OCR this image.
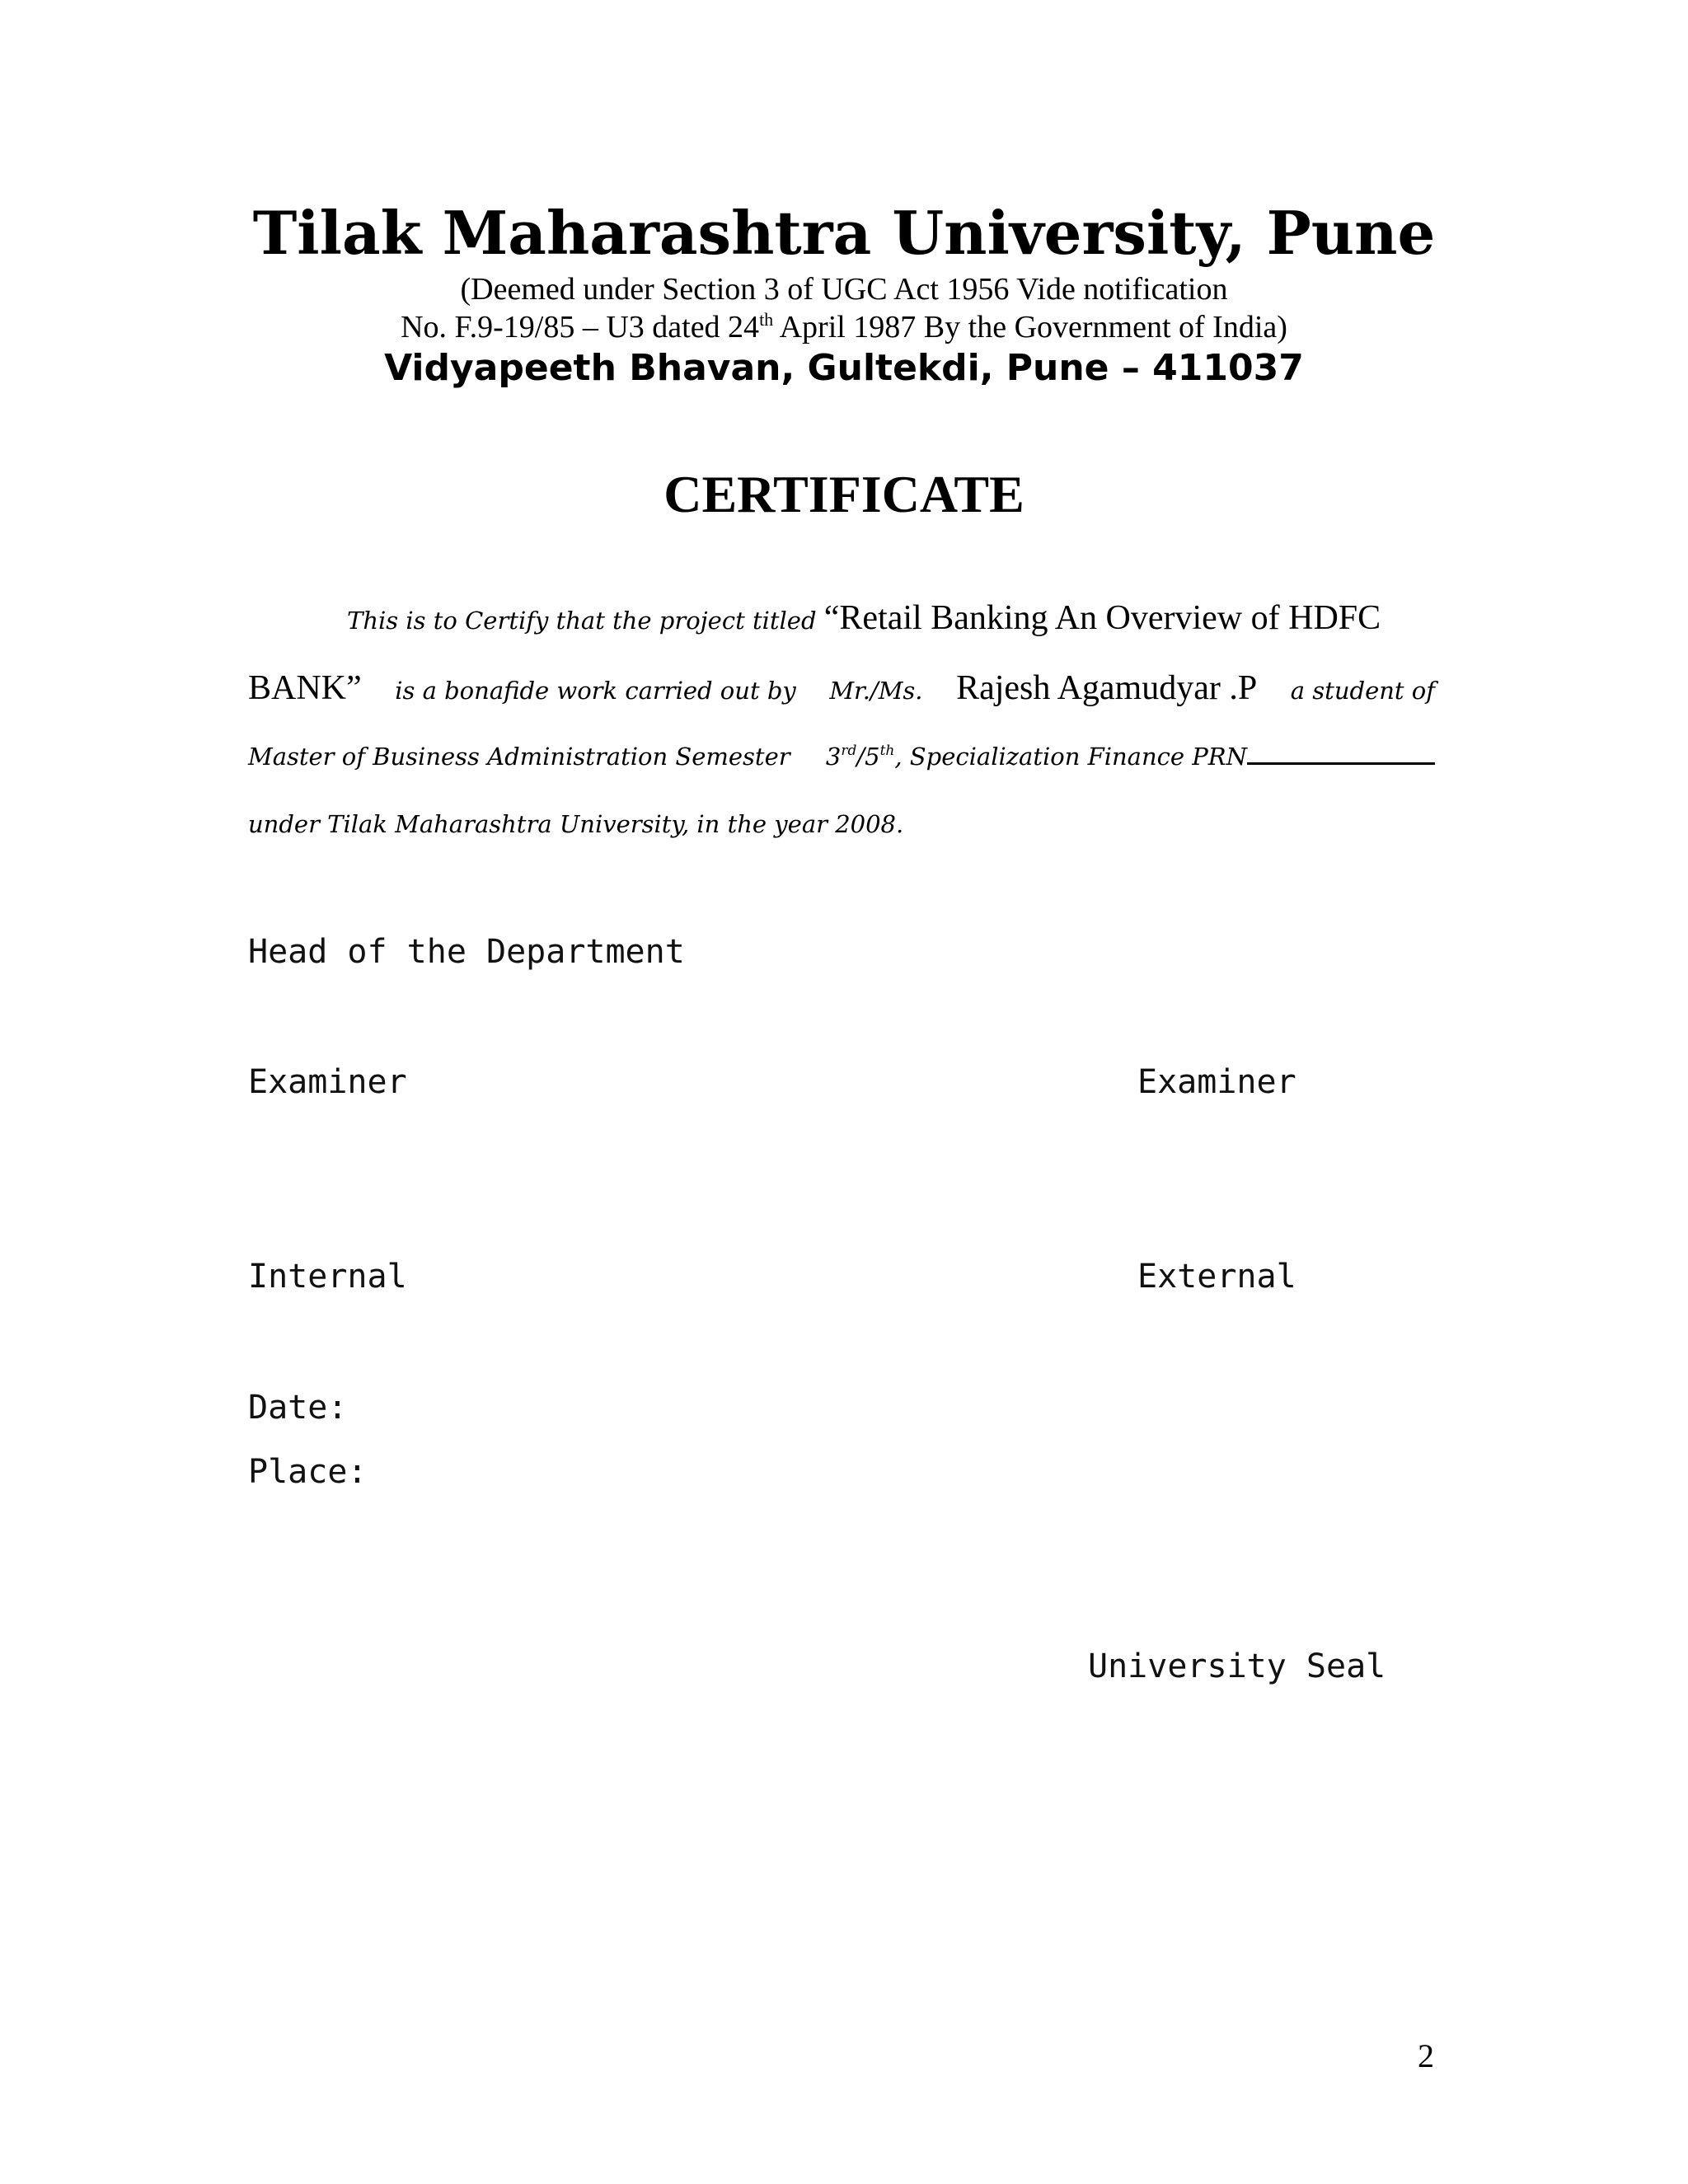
Tilak Maharashtra University, Pune
(Deemed under Section 3 of UGC Act 1956 Vide notification
No. F.9-19/85 – U3 dated 24th April 1987 By the Government of India)
Vidyapeeth Bhavan, Gultekdi, Pune – 411037
CERTIFICATE
This is to Certify that the project titled “Retail Banking An Overview of HDFC
BANK” is a bonafide work carried out by Mr./Ms. Rajesh Agamudyar .P a student of
Master of Business Administration Semester 3rd/5th, Specialization Finance PRN
under Tilak Maharashtra University, in the year 2008.
Head of the Department
Examiner	Examiner
Internal	External
Date:
Place:
University Seal
2
